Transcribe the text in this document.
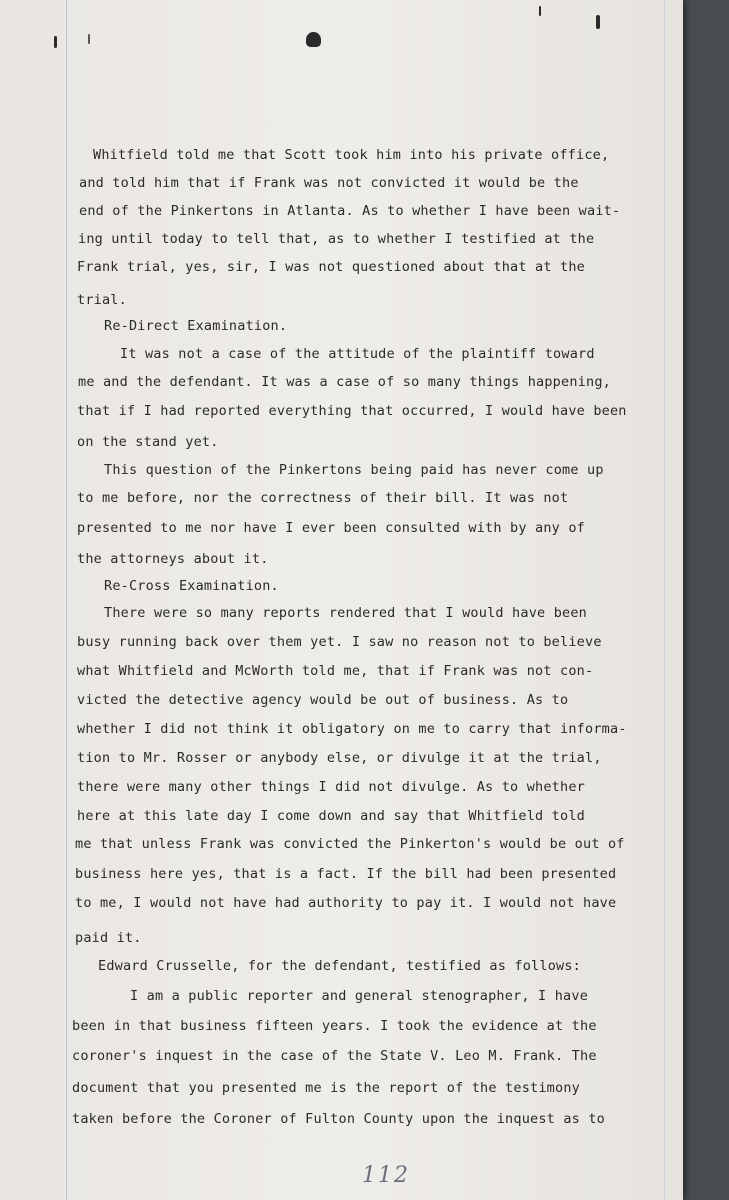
Whitfield told me that Scott took him into his private office,
and told him that if Frank was not convicted it would be the
end of the Pinkertons in Atlanta. As to whether I have been wait-
ing until today to tell that, as to whether I testified at the
Frank trial, yes, sir, I was not questioned about that at the
trial.
Re-Direct Examination.
It was not a case of the attitude of the plaintiff toward
me and the defendant. It was a case of so many things happening,
that if I had reported everything that occurred, I would have been
on the stand yet.
This question of the Pinkertons being paid has never come up
to me before, nor the correctness of their bill. It was not
presented to me nor have I ever been consulted with by any of
the attorneys about it.
Re-Cross Examination.
There were so many reports rendered that I would have been
busy running back over them yet. I saw no reason not to believe
what Whitfield and McWorth told me, that if Frank was not con-
victed the detective agency would be out of business. As to
whether I did not think it obligatory on me to carry that informa-
tion to Mr. Rosser or anybody else, or divulge it at the trial,
there were many other things I did not divulge. As to whether
here at this late day I come down and say that Whitfield told
me that unless Frank was convicted the Pinkerton's would be out of
business here yes, that is a fact. If the bill had been presented
to me, I would not have had authority to pay it. I would not have
paid it.
Edward Crusselle, for the defendant, testified as follows:
I am a public reporter and general stenographer, I have
been in that business fifteen years. I took the evidence at the
coroner's inquest in the case of the State V. Leo M. Frank. The
document that you presented me is the report of the testimony
taken before the Coroner of Fulton County upon the inquest as to
112
